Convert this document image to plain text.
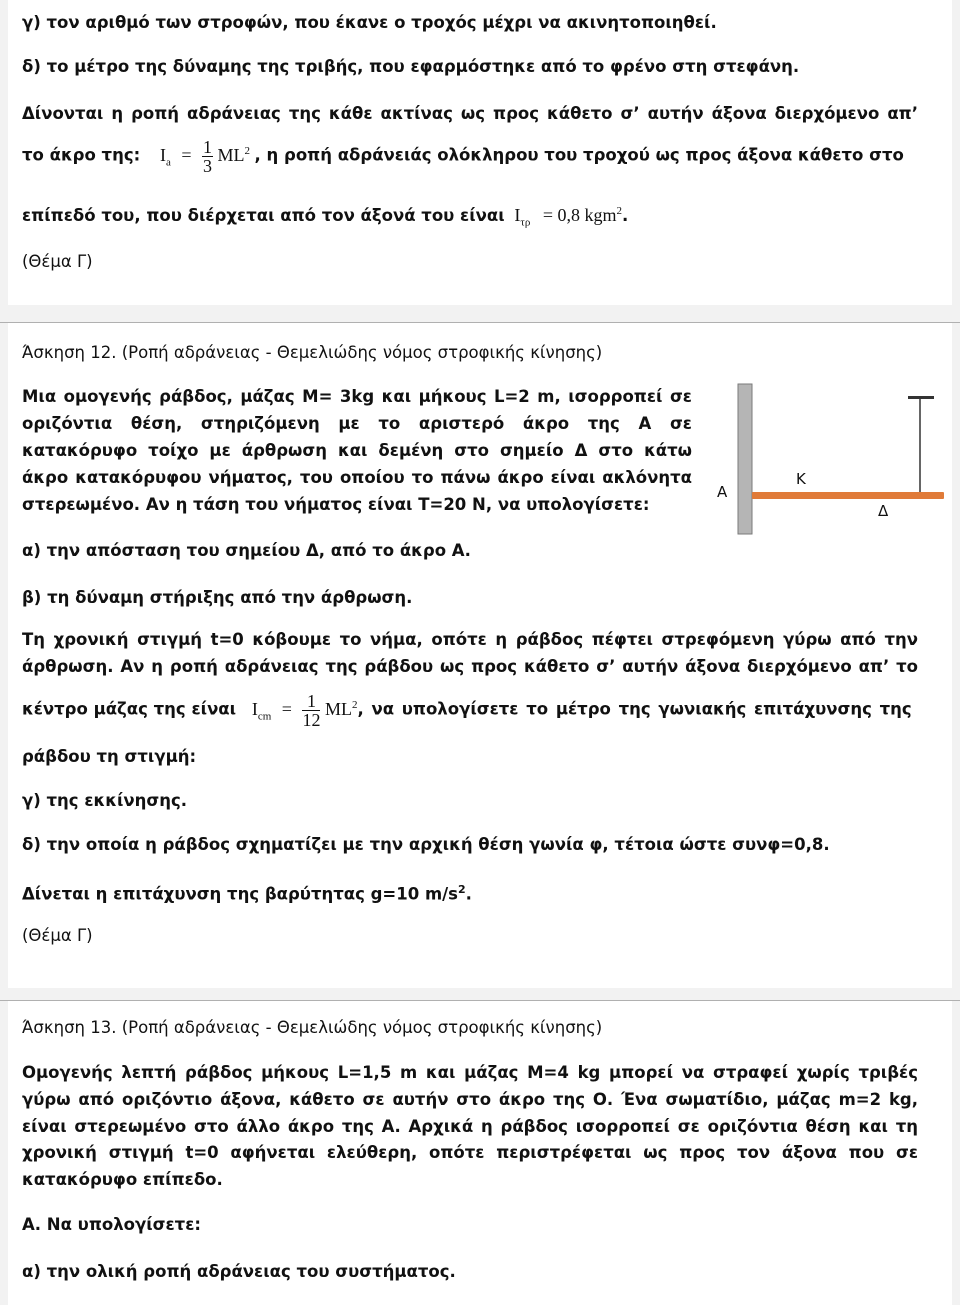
γ) τον αριθμό των στροφών, που έκανε ο τροχός μέχρι να ακινητοποιηθεί.
δ) το μέτρο της δύναμης της τριβής, που εφαρμόστηκε από το φρένο στη στεφάνη.
Δίνονται η ροπή αδράνειας της κάθε ακτίνας ως προς κάθετο σ’ αυτήν άξονα διερχόμενο απ’
το άκρο της: $I_a = \frac{1}{3} ML^2$ , η ροπή αδράνειάς ολόκληρου του τροχού ως προς άξονα κάθετο στο
επίπεδό του, που διέρχεται από τον άξονά του είναι $I_{\tau\rho} = 0,8$ kgm$^2$.
(Θέμα Γ)
Άσκηση 12. (Ροπή αδράνειας - Θεμελιώδης νόμος στροφικής κίνησης)
Μια ομογενής ράβδος, μάζας Μ= 3kg και μήκους L=2 m, ισορροπεί σε
οριζόντια θέση, στηριζόμενη με το αριστερό άκρο της Α σε
κατακόρυφο τοίχο με άρθρωση και δεμένη στο σημείο Δ στο κάτω
άκρο κατακόρυφου νήματος, του οποίου το πάνω άκρο είναι ακλόνητα
στερεωμένο. Αν η τάση του νήματος είναι Τ=20 Ν, να υπολογίσετε:
Α
Κ
Δ
α) την απόσταση του σημείου Δ, από το άκρο Α.
β) τη δύναμη στήριξης από την άρθρωση.
Τη χρονική στιγμή t=0 κόβουμε το νήμα, οπότε η ράβδος πέφτει στρεφόμενη γύρω από την
άρθρωση. Αν η ροπή αδράνειας της ράβδου ως προς κάθετο σ’ αυτήν άξονα διερχόμενο απ’ το
κέντρο μάζας της είναι $I_{cm} = \frac{1}{12} ML^2$, να υπολογίσετε το μέτρο της γωνιακής επιτάχυνσης της
ράβδου τη στιγμή:
γ) της εκκίνησης.
δ) την οποία η ράβδος σχηματίζει με την αρχική θέση γωνία φ, τέτοια ώστε συνφ=0,8.
Δίνεται η επιτάχυνση της βαρύτητας g=10 $m/s^2$.
(Θέμα Γ)
Άσκηση 13. (Ροπή αδράνειας - Θεμελιώδης νόμος στροφικής κίνησης)
Ομογενής λεπτή ράβδος μήκους L=1,5 m και μάζας Μ=4 kg μπορεί να στραφεί χωρίς τριβές
γύρω από οριζόντιο άξονα, κάθετο σε αυτήν στο άκρο της Ο. Ένα σωματίδιο, μάζας m=2 kg,
είναι στερεωμένο στο άλλο άκρο της Α. Αρχικά η ράβδος ισορροπεί σε οριζόντια θέση και τη
χρονική στιγμή t=0 αφήνεται ελεύθερη, οπότε περιστρέφεται ως προς τον άξονα που σε
κατακόρυφο επίπεδο.
Α. Να υπολογίσετε:
α) την ολική ροπή αδράνειας του συστήματος.
